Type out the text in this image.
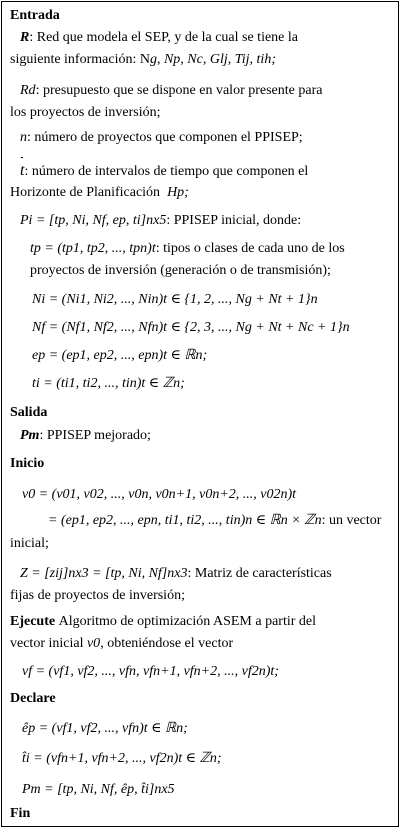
Entrada
R: Red que modela el SEP, y de la cual se tiene la
siguiente información: Ng, Np, Nc, Glj, Tij, tih;
Rd: presupuesto que se dispone en valor presente para
los proyectos de inversión;
n: número de proyectos que componen el PPISEP;
t: número de intervalos de tiempo que componen el
Horizonte de Planificación Hp;
Pi = [tp, Ni, Nf, ep, ti]nx5: PPISEP inicial, donde:
tp = (tp1, tp2, ..., tpn)t: tipos o clases de cada uno de los
proyectos de inversión (generación o de transmisión);
Ni = (Ni1, Ni2, ..., Nin)t ∈ {1, 2, ..., Ng + Nt + 1}n
Nf = (Nf1, Nf2, ..., Nfn)t ∈ {2, 3, ..., Ng + Nt + Nc + 1}n
ep = (ep1, ep2, ..., epn)t ∈ ℝn;
ti = (ti1, ti2, ..., tin)t ∈ ℤn;
Salida
Pm: PPISEP mejorado;
Inicio
v0 = (v01, v02, ..., v0n, v0n+1, v0n+2, ..., v02n)t
= (ep1, ep2, ..., epn, ti1, ti2, ..., tin)n ∈ ℝn × ℤn: un vector
inicial;
Z = [zij]nx3 = [tp, Ni, Nf]nx3: Matriz de características
fijas de proyectos de inversión;
Ejecute Algoritmo de optimización ASEM a partir del
vector inicial v0, obteniéndose el vector
vf = (vf1, vf2, ..., vfn, vfn+1, vfn+2, ..., vf2n)t;
Declare
êp = (vf1, vf2, ..., vfn)t ∈ ℝn;
t̂i = (vfn+1, vfn+2, ..., vf2n)t ∈ ℤn;
Pm = [tp, Ni, Nf, êp, t̂i]nx5
Fin
